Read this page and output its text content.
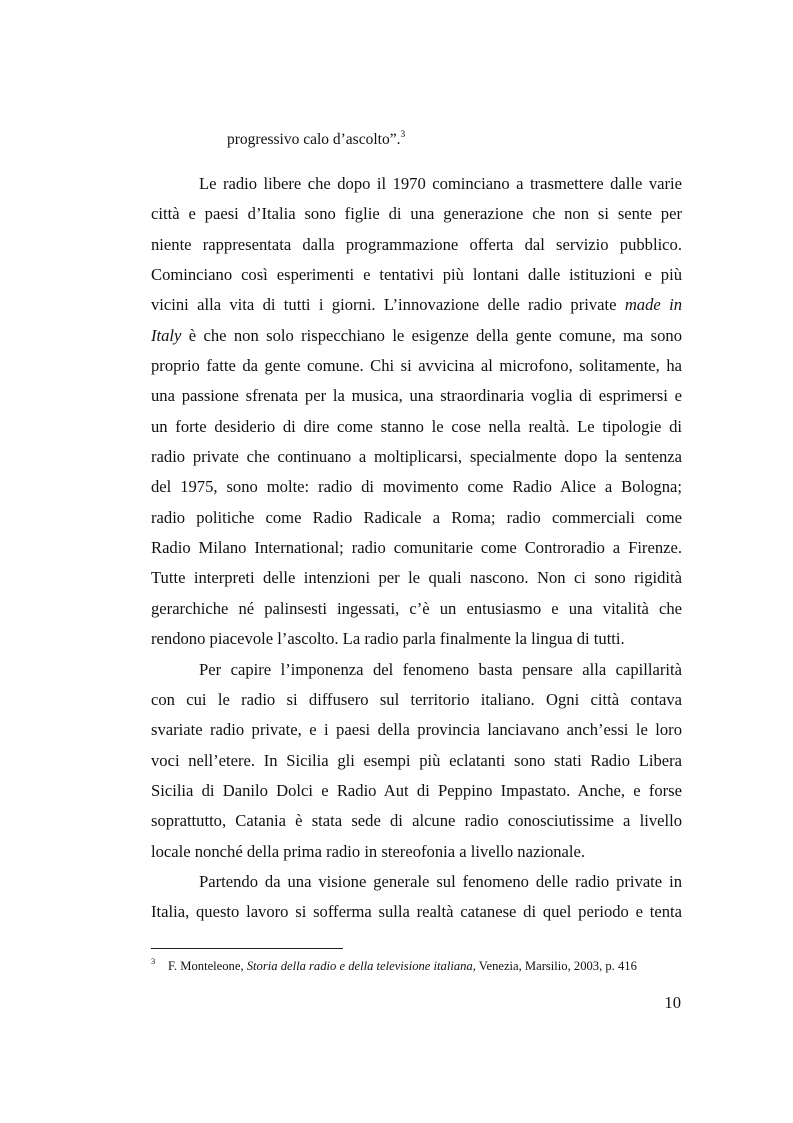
progressivo calo d’ascolto”.$^3$

Le radio libere che dopo il 1970 cominciano a trasmettere dalle varie
città e paesi d’Italia sono figlie di una generazione che non si sente per
niente rappresentata dalla programmazione offerta dal servizio pubblico.
Cominciano così esperimenti e tentativi più lontani dalle istituzioni e più
vicini alla vita di tutti i giorni. L’innovazione delle radio private made in
Italy è che non solo rispecchiano le esigenze della gente comune, ma sono
proprio fatte da gente comune. Chi si avvicina al microfono, solitamente, ha
una passione sfrenata per la musica, una straordinaria voglia di esprimersi e
un forte desiderio di dire come stanno le cose nella realtà. Le tipologie di
radio private che continuano a moltiplicarsi, specialmente dopo la sentenza
del 1975, sono molte: radio di movimento come Radio Alice a Bologna;
radio politiche come Radio Radicale a Roma; radio commerciali come
Radio Milano International; radio comunitarie come Controradio a Firenze.
Tutte interpreti delle intenzioni per le quali nascono. Non ci sono rigidità
gerarchiche né palinsesti ingessati, c’è un entusiasmo e una vitalità che
rendono piacevole l’ascolto. La radio parla finalmente la lingua di tutti.

Per capire l’imponenza del fenomeno basta pensare alla capillarità
con cui le radio si diffusero sul territorio italiano. Ogni città contava
svariate radio private, e i paesi della provincia lanciavano anch’essi le loro
voci nell’etere. In Sicilia gli esempi più eclatanti sono stati Radio Libera
Sicilia di Danilo Dolci e Radio Aut di Peppino Impastato. Anche, e forse
soprattutto, Catania è stata sede di alcune radio conosciutissime a livello
locale nonché della prima radio in stereofonia a livello nazionale.

Partendo da una visione generale sul fenomeno delle radio private in
Italia, questo lavoro si sofferma sulla realtà catanese di quel periodo e tenta

3 F. Monteleone, Storia della radio e della televisione italiana, Venezia, Marsilio, 2003, p. 416
10
